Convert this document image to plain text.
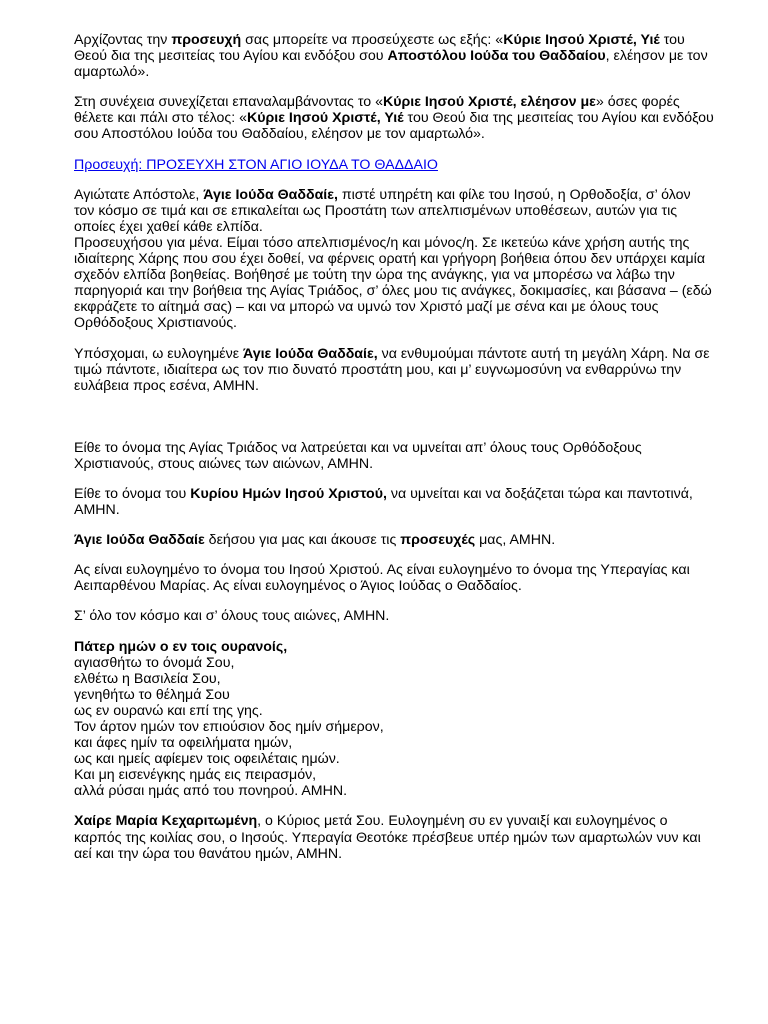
Αρχίζοντας την προσευχή σας μπορείτε να προσεύχεστε ως εξής: «Κύριε Ιησού Χριστέ, Υιέ του Θεού δια της μεσιτείας του Αγίου και ενδόξου σου Αποστόλου Ιούδα του Θαδδαίου, ελέησον με τον αμαρτωλό».

Στη συνέχεια συνεχίζεται επαναλαμβάνοντας το «Κύριε Ιησού Χριστέ, ελέησον με» όσες φορές θέλετε και πάλι στο τέλος: «Κύριε Ιησού Χριστέ, Υιέ του Θεού δια της μεσιτείας του Αγίου και ενδόξου σου Αποστόλου Ιούδα του Θαδδαίου, ελέησον με τον αμαρτωλό».

Προσευχή: ΠΡΟΣΕΥΧΗ ΣΤΟΝ ΑΓΙΟ ΙΟΥΔΑ ΤΟ ΘΑΔΔΑΙΟ

Αγιώτατε Απόστολε, Άγιε Ιούδα Θαδδαίε, πιστέ υπηρέτη και φίλε του Ιησού, η Ορθοδοξία, σ’ όλον τον κόσμο σε τιμά και σε επικαλείται ως Προστάτη των απελπισμένων υποθέσεων, αυτών για τις οποίες έχει χαθεί κάθε ελπίδα.

Προσευχήσου για μένα. Είμαι τόσο απελπισμένος/η και μόνος/η. Σε ικετεύω κάνε χρήση αυτής της ιδιαίτερης Χάρης που σου έχει δοθεί, να φέρνεις ορατή και γρήγορη βοήθεια όπου δεν υπάρχει καμία σχεδόν ελπίδα βοηθείας. Βοήθησέ με τούτη την ώρα της ανάγκης, για να μπορέσω να λάβω την παρηγοριά και την βοήθεια της Αγίας Τριάδος, σ’ όλες μου τις ανάγκες, δοκιμασίες, και βάσανα – (εδώ εκφράζετε το αίτημά σας) – και να μπορώ να υμνώ τον Χριστό μαζί με σένα και με όλους τους Ορθόδοξους Χριστιανούς.

Υπόσχομαι, ω ευλογημένε Άγιε Ιούδα Θαδδαίε, να ενθυμούμαι πάντοτε αυτή τη μεγάλη Χάρη. Να σε τιμώ πάντοτε, ιδιαίτερα ως τον πιο δυνατό προστάτη μου, και μ’ ευγνωμοσύνη να ενθαρρύνω την ευλάβεια προς εσένα, ΑΜΗΝ.

Είθε το όνομα της Αγίας Τριάδος να λατρεύεται και να υμνείται απ’ όλους τους Ορθόδοξους Χριστιανούς, στους αιώνες των αιώνων, ΑΜΗΝ.

Είθε το όνομα του Κυρίου Ημών Ιησού Χριστού, να υμνείται και να δοξάζεται τώρα και παντοτινά, ΑΜΗΝ.

Άγιε Ιούδα Θαδδαίε δεήσου για μας και άκουσε τις προσευχές μας, ΑΜΗΝ.

Ας είναι ευλογημένο το όνομα του Ιησού Χριστού. Ας είναι ευλογημένο το όνομα της Υπεραγίας και Αειπαρθένου Μαρίας. Ας είναι ευλογημένος ο Άγιος Ιούδας ο Θαδδαίος.

Σ’ όλο τον κόσμο και σ’ όλους τους αιώνες, ΑΜΗΝ.

Πάτερ ημών ο εν τοις ουρανοίς,
αγιασθήτω το όνομά Σου,
ελθέτω η Βασιλεία Σου,
γενηθήτω το θέλημά Σου
ως εν ουρανώ και επί της γης.
Τον άρτον ημών τον επιούσιον δος ημίν σήμερον,
και άφες ημίν τα οφειλήματα ημών,
ως και ημείς αφίεμεν τοις οφειλέταις ημών.
Και μη εισενέγκης ημάς εις πειρασμόν,
αλλά ρύσαι ημάς από του πονηρού. ΑΜΗΝ.

Χαίρε Μαρία Κεχαριτωμένη, ο Κύριος μετά Σου. Ευλογημένη συ εν γυναιξί και ευλογημένος ο καρπός της κοιλίας σου, ο Ιησούς. Υπεραγία Θεοτόκε πρέσβευε υπέρ ημών των αμαρτωλών νυν και αεί και την ώρα του θανάτου ημών, ΑΜΗΝ.
